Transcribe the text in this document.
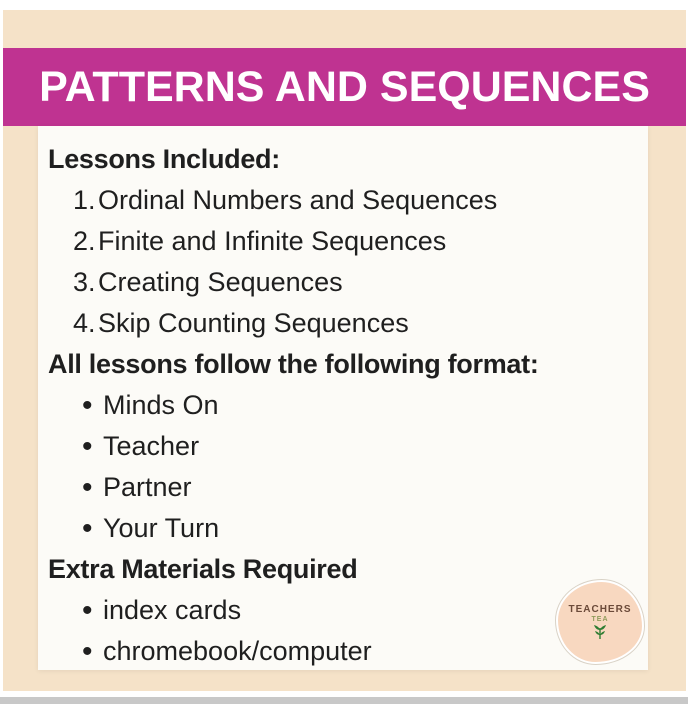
PATTERNS AND SEQUENCES
Lessons Included:
1.Ordinal Numbers and Sequences
2.Finite and Infinite Sequences
3.Creating Sequences
4.Skip Counting Sequences
All lessons follow the following format:
• Minds On
• Teacher
• Partner
• Your Turn
Extra Materials Required
• index cards
• chromebook/computer
TEACHERS
TEA
